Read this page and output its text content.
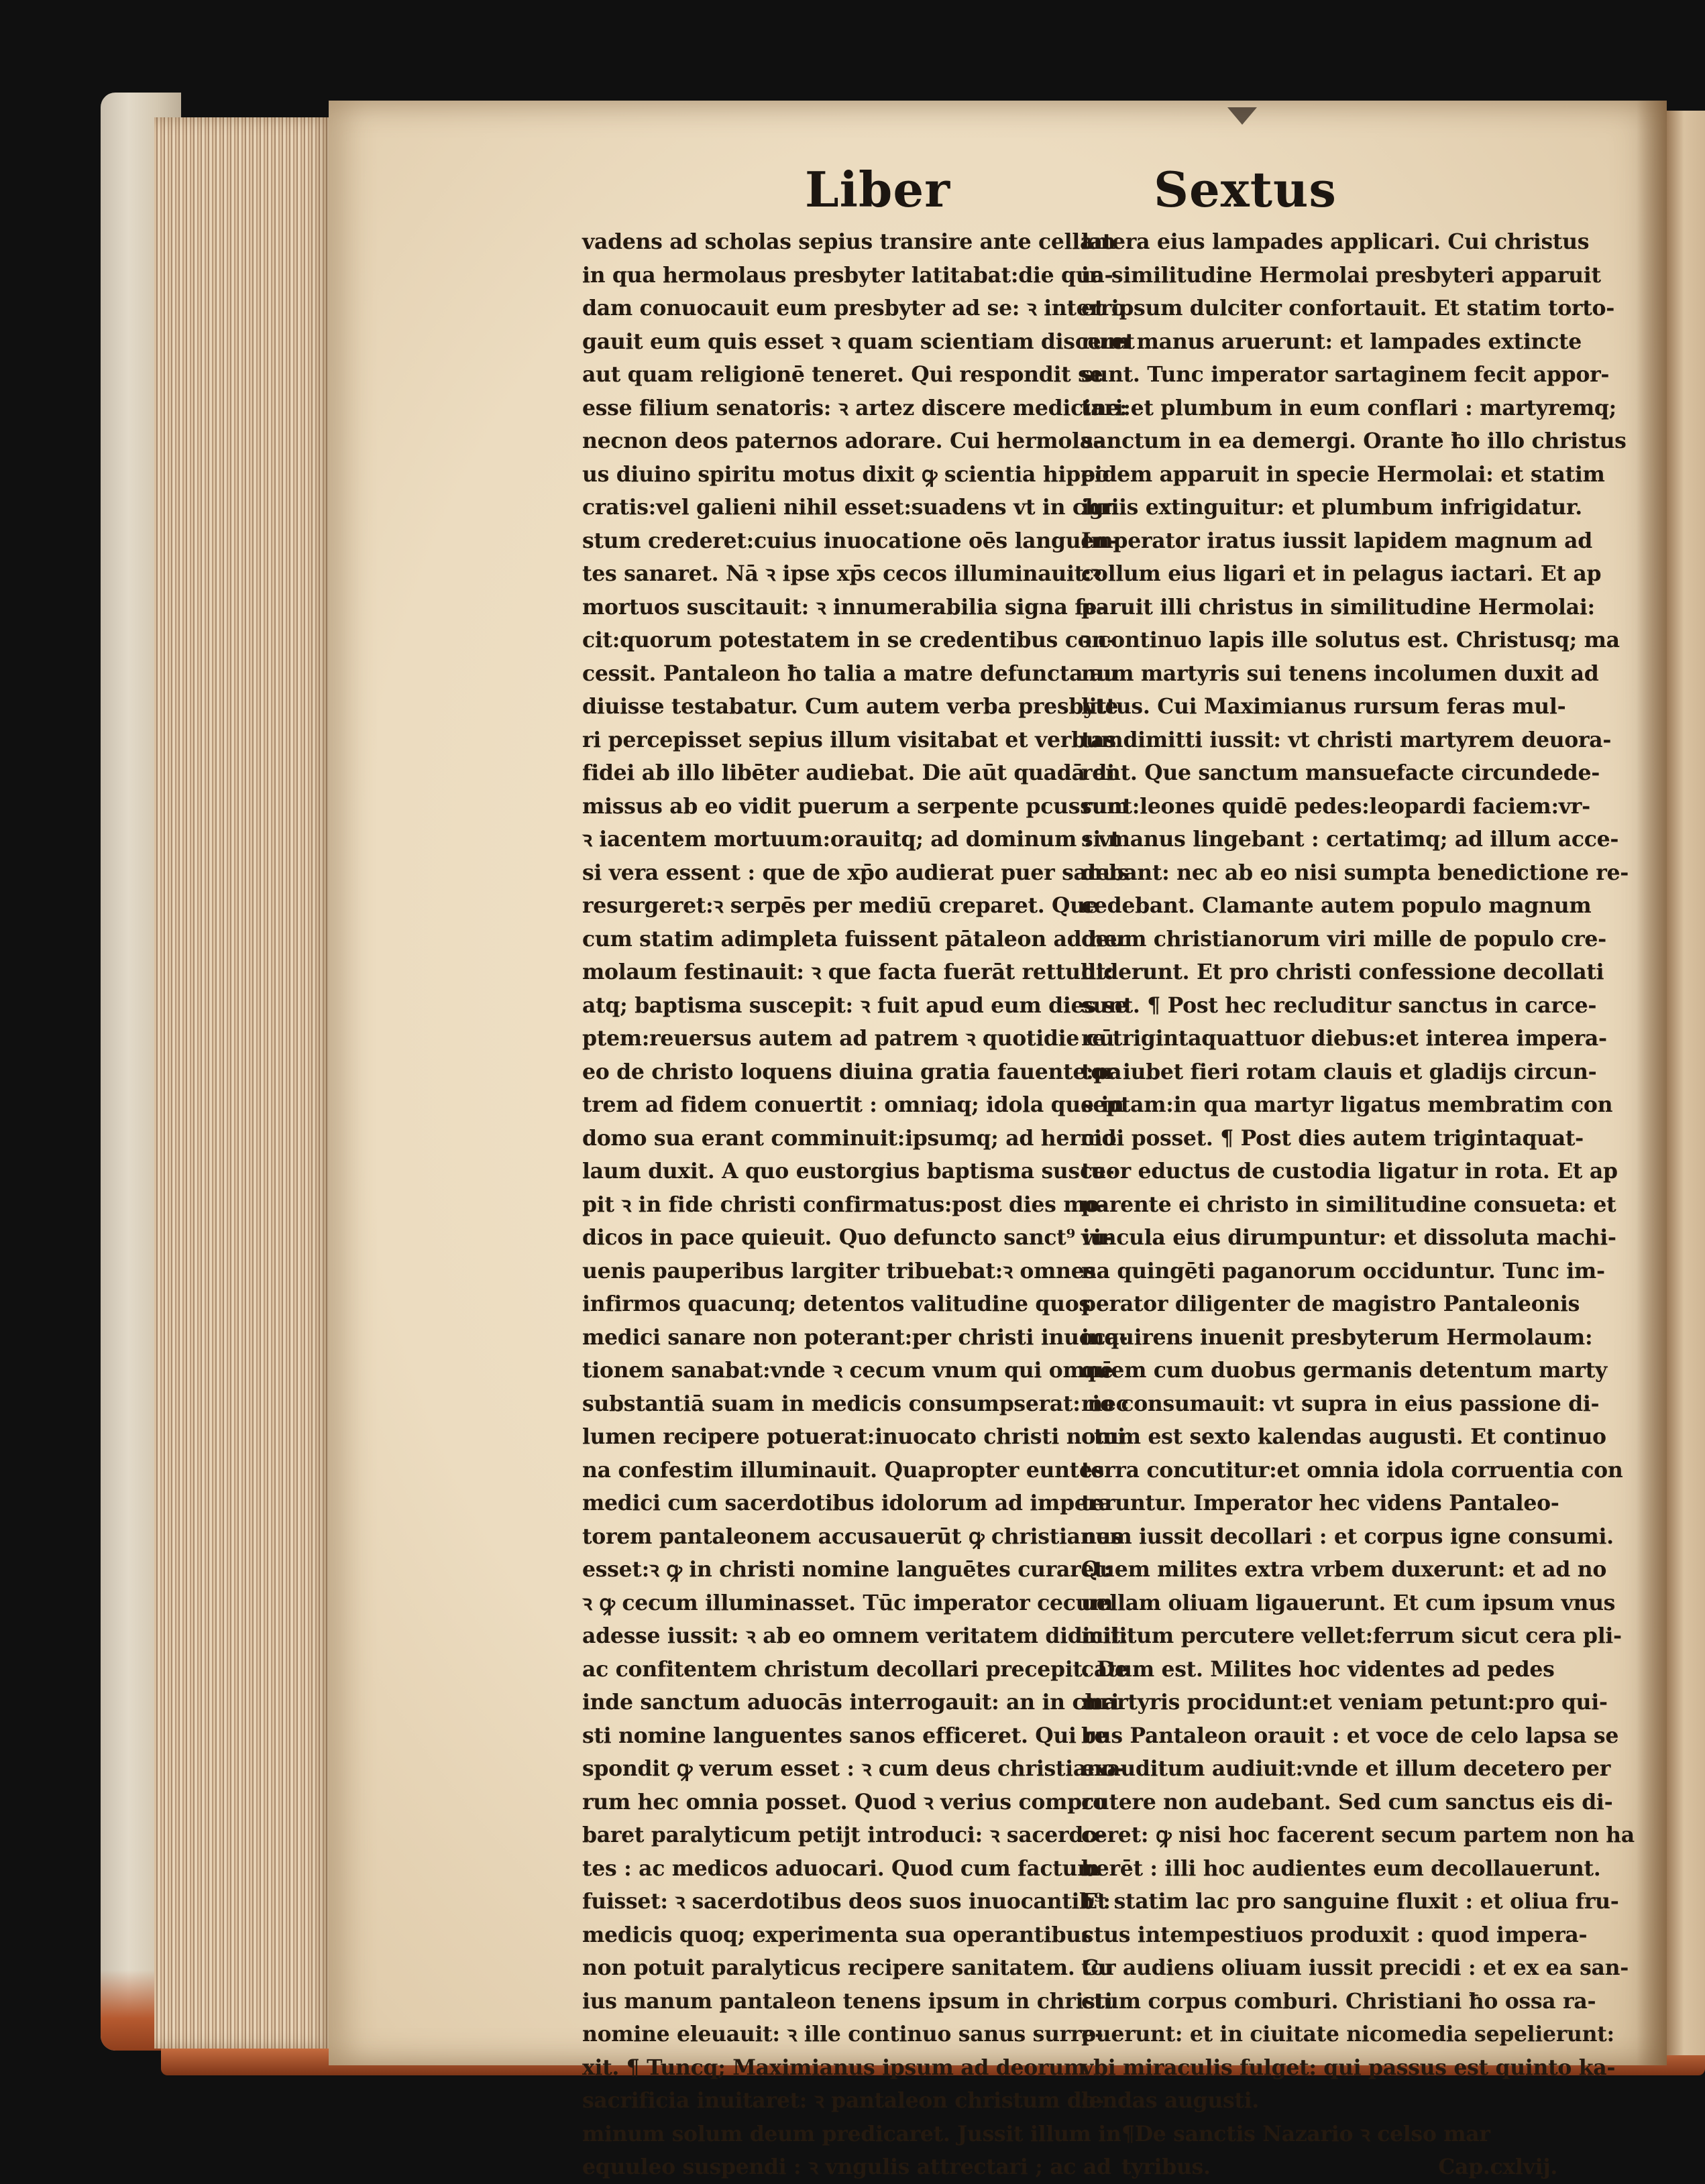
Liber	Sextus
vadens ad scholas sepius transire ante cellam
in qua hermolaus presbyter latitabat:die qua-
dam conuocauit eum presbyter ad se: ꝛ interro
gauit eum quis esset ꝛ quam scientiam disceret
aut quam religionē teneret. Qui respondit se
esse filium senatoris: ꝛ artez discere medicine:
necnon deos paternos adorare. Cui hermola-
us diuino spiritu motus dixit ꝙ scientia hippo
cratis:vel galieni nihil esset:suadens vt in chri
stum crederet:cuius inuocatione oēs languen-
tes sanaret. Nā ꝛ ipse xp̄s cecos illuminauit:ꝛ
mortuos suscitauit: ꝛ innumerabilia signa fe-
cit:quorum potestatem in se credentibus con-
cessit. Pantaleon ħo talia a matre defuncta au
diuisse testabatur. Cum autem verba presbyte
ri percepisset sepius illum visitabat et verbum
fidei ab illo libēter audiebat. Die aūt quadā di
missus ab eo vidit puerum a serpente pcussum
ꝛ iacentem mortuum:orauitq; ad dominum : vt
si vera essent : que de xp̄o audierat puer sanus
resurgeret:ꝛ serpēs per mediū creparet. Que
cum statim adimpleta fuissent pātaleon ad her
molaum festinauit: ꝛ que facta fuerāt rettulit:
atq; baptisma suscepit: ꝛ fuit apud eum dies se
ptem:reuersus autem ad patrem ꝛ quotidie cū
eo de christo loquens diuina gratia fauente:pa
trem ad fidem conuertit : omniaq; idola que in
domo sua erant comminuit:ipsumq; ad hermo
laum duxit. A quo eustorgius baptisma susce-
pit ꝛ in fide christi confirmatus:post dies mo-
dicos in pace quieuit. Quo defuncto sanct⁹ iu-
uenis pauperibus largiter tribuebat:ꝛ omnes
infirmos quacunq; detentos valitudine quos
medici sanare non poterant:per christi inuoca-
tionem sanabat:vnde ꝛ cecum vnum qui omnē
substantiā suam in medicis consumpserat: nec
lumen recipere potuerat:inuocato christi nomi
na confestim illuminauit. Quapropter euntes
medici cum sacerdotibus idolorum ad impera
torem pantaleonem accusauerūt ꝙ christianus
esset:ꝛ ꝙ in christi nomine languētes curaret:
ꝛ ꝙ cecum illuminasset. Tūc imperator cecum
adesse iussit: ꝛ ab eo omnem veritatem didicit:
ac confitentem christum decollari precepit. De
inde sanctum aduocās interrogauit: an in chri
sti nomine languentes sanos efficeret. Qui re
spondit ꝙ verum esset : ꝛ cum deus christiano-
rum hec omnia posset. Quod ꝛ verius compro
baret paralyticum petijt introduci: ꝛ sacerdo-
tes : ac medicos aduocari. Quod cum factum
fuisset: ꝛ sacerdotibus deos suos inuocantib⁹:
medicis quoq; experimenta sua operantibus
non potuit paralyticus recipere sanitatem. Cu
ius manum pantaleon tenens ipsum in christi
nomine eleuauit: ꝛ ille continuo sanus surre-
xit. ¶ Tuncq; Maximianus ipsum ad deorum
sacrificia inuitaret: ꝛ pantaleon christum do-
minum solum deum predicaret. Jussit illum in
equuleo suspendi : ꝛ vngulis attrectari ; ac ad
latera eius lampades applicari. Cui christus
in similitudine Hermolai presbyteri apparuit
et ipsum dulciter confortauit. Et statim torto-
rum manus aruerunt: et lampades extincte
sunt. Tunc imperator sartaginem fecit appor-
tari:et plumbum in eum conflari : martyremq;
sanctum in ea demergi. Orante ħo illo christus
eidem apparuit in specie Hermolai: et statim
ignis extinguitur: et plumbum infrigidatur.
Imperator iratus iussit lapidem magnum ad
collum eius ligari et in pelagus iactari. Et ap
paruit illi christus in similitudine Hermolai:
ꝛ continuo lapis ille solutus est. Christusq; ma
num martyris sui tenens incolumen duxit ad
littus. Cui Maximianus rursum feras mul-
tas dimitti iussit: vt christi martyrem deuora-
rent. Que sanctum mansuefacte circundede-
runt:leones quidē pedes:leopardi faciem:vr-
si manus lingebant : certatimq; ad illum acce-
debant: nec ab eo nisi sumpta benedictione re-
cedebant. Clamante autem populo magnum
deum christianorum viri mille de populo cre-
diderunt. Et pro christi confessione decollati
sunt. ¶ Post hec recluditur sanctus in carce-
re trigintaquattuor diebus:et interea impera-
tor iubet fieri rotam clauis et gladijs circun-
septam:in qua martyr ligatus membratim con
cidi posset. ¶ Post dies autem trigintaquat-
tuor eductus de custodia ligatur in rota. Et ap
parente ei christo in similitudine consueta: et
vincula eius dirumpuntur: et dissoluta machi-
na quingēti paganorum occiduntur. Tunc im-
perator diligenter de magistro Pantaleonis
inquirens inuenit presbyterum Hermolaum:
quem cum duobus germanis detentum marty
rio consumauit: vt supra in eius passione di-
ctum est sexto kalendas augusti. Et continuo
terra concutitur:et omnia idola corruentia con
teruntur. Imperator hec videns Pantaleo-
nem iussit decollari : et corpus igne consumi.
Quem milites extra vrbem duxerunt: et ad no
uellam oliuam ligauerunt. Et cum ipsum vnus
militum percutere vellet:ferrum sicut cera pli-
catum est. Milites hoc videntes ad pedes
martyris procidunt:et veniam petunt:pro qui-
bus Pantaleon orauit : et voce de celo lapsa se
exauditum audiuit:vnde et illum decetero per
cutere non audebant. Sed cum sanctus eis di-
ceret: ꝙ nisi hoc facerent secum partem non ha
berēt : illi hoc audientes eum decollauerunt.
Et statim lac pro sanguine fluxit : et oliua fru-
ctus intempestiuos produxit : quod impera-
tor audiens oliuam iussit precidi : et ex ea san-
ctum corpus comburi. Christiani ħo ossa ra-
puerunt: et in ciuitate nicomedia sepelierunt:
vbi miraculis fulget: qui passus est quinto ka-
lendas augusti.
¶De sanctis Nazario ꝛ celso mar
tyribus.	Cap.cxlvij.
